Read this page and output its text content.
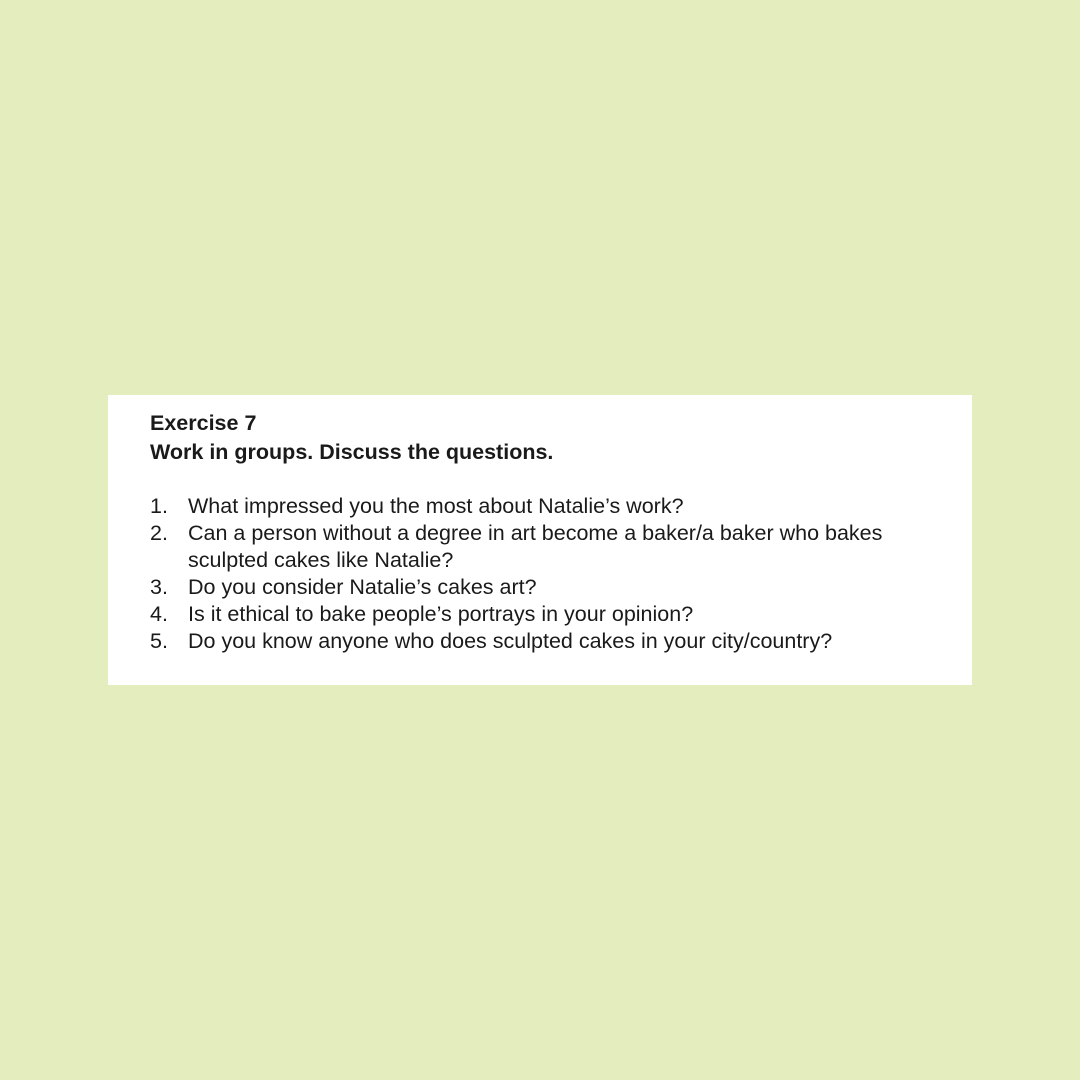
Exercise 7

Work in groups. Discuss the questions.

1. What impressed you the most about Natalie’s work?
2. Can a person without a degree in art become a baker/a baker who bakes sculpted cakes like Natalie?
3. Do you consider Natalie’s cakes art?
4. Is it ethical to bake people’s portrays in your opinion?
5. Do you know anyone who does sculpted cakes in your city/country?
